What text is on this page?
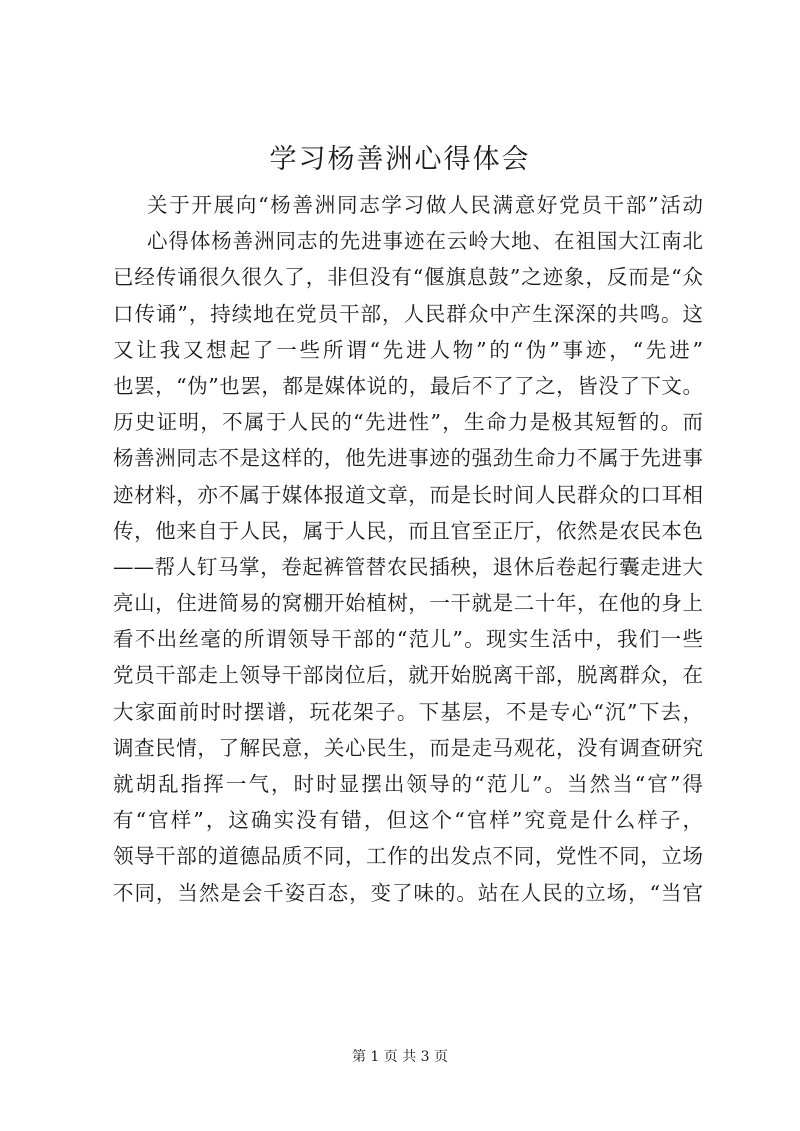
学习杨善洲心得体会
关于开展向“杨善洲同志学习做人民满意好党员干部”活动
心得体杨善洲同志的先进事迹在云岭大地、在祖国大江南北
已经传诵很久很久了，非但没有“偃旗息鼓”之迹象，反而是“众
口传诵”，持续地在党员干部，人民群众中产生深深的共鸣。这
又让我又想起了一些所谓“先进人物”的“伪”事迹，“先进”
也罢，“伪”也罢，都是媒体说的，最后不了了之，皆没了下文。
历史证明，不属于人民的“先进性”，生命力是极其短暂的。而
杨善洲同志不是这样的，他先进事迹的强劲生命力不属于先进事
迹材料，亦不属于媒体报道文章，而是长时间人民群众的口耳相
传，他来自于人民，属于人民，而且官至正厅，依然是农民本色
——帮人钉马掌，卷起裤管替农民插秧，退休后卷起行囊走进大
亮山，住进简易的窝棚开始植树，一干就是二十年，在他的身上
看不出丝毫的所谓领导干部的“范儿”。现实生活中，我们一些
党员干部走上领导干部岗位后，就开始脱离干部，脱离群众，在
大家面前时时摆谱，玩花架子。下基层，不是专心“沉”下去，
调查民情，了解民意，关心民生，而是走马观花，没有调查研究
就胡乱指挥一气，时时显摆出领导的“范儿”。当然当“官”得
有“官样”，这确实没有错，但这个“官样”究竟是什么样子，
领导干部的道德品质不同，工作的出发点不同，党性不同，立场
不同，当然是会千姿百态，变了味的。站在人民的立场，“当官
第 1 页 共 3 页
